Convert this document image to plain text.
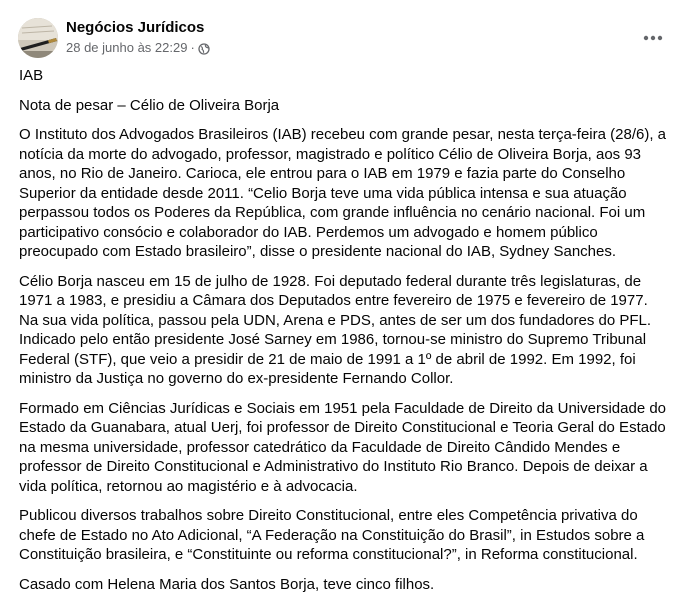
Negócios Jurídicos
28 de junho às 22:29 ·

IAB

Nota de pesar – Célio de Oliveira Borja

O Instituto dos Advogados Brasileiros (IAB) recebeu com grande pesar, nesta terça-feira (28/6), a notícia da morte do advogado, professor, magistrado e político Célio de Oliveira Borja, aos 93 anos, no Rio de Janeiro. Carioca, ele entrou para o IAB em 1979 e fazia parte do Conselho Superior da entidade desde 2011. “Celio Borja teve uma vida pública intensa e sua atuação perpassou todos os Poderes da República, com grande influência no cenário nacional. Foi um participativo consócio e colaborador do IAB. Perdemos um advogado e homem público preocupado com Estado brasileiro”, disse o presidente nacional do IAB, Sydney Sanches.

Célio Borja nasceu em 15 de julho de 1928. Foi deputado federal durante três legislaturas, de 1971 a 1983, e presidiu a Câmara dos Deputados entre fevereiro de 1975 e fevereiro de 1977. Na sua vida política, passou pela UDN, Arena e PDS, antes de ser um dos fundadores do PFL. Indicado pelo então presidente José Sarney em 1986, tornou-se ministro do Supremo Tribunal Federal (STF), que veio a presidir de 21 de maio de 1991 a 1º de abril de 1992. Em 1992, foi ministro da Justiça no governo do ex-presidente Fernando Collor.

Formado em Ciências Jurídicas e Sociais em 1951 pela Faculdade de Direito da Universidade do Estado da Guanabara, atual Uerj, foi professor de Direito Constitucional e Teoria Geral do Estado na mesma universidade, professor catedrático da Faculdade de Direito Cândido Mendes e professor de Direito Constitucional e Administrativo do Instituto Rio Branco. Depois de deixar a vida política, retornou ao magistério e à advocacia.

Publicou diversos trabalhos sobre Direito Constitucional, entre eles Competência privativa do chefe de Estado no Ato Adicional, “A Federação na Constituição do Brasil”, in Estudos sobre a Constituição brasileira, e “Constituinte ou reforma constitucional?”, in Reforma constitucional.

Casado com Helena Maria dos Santos Borja, teve cinco filhos.
